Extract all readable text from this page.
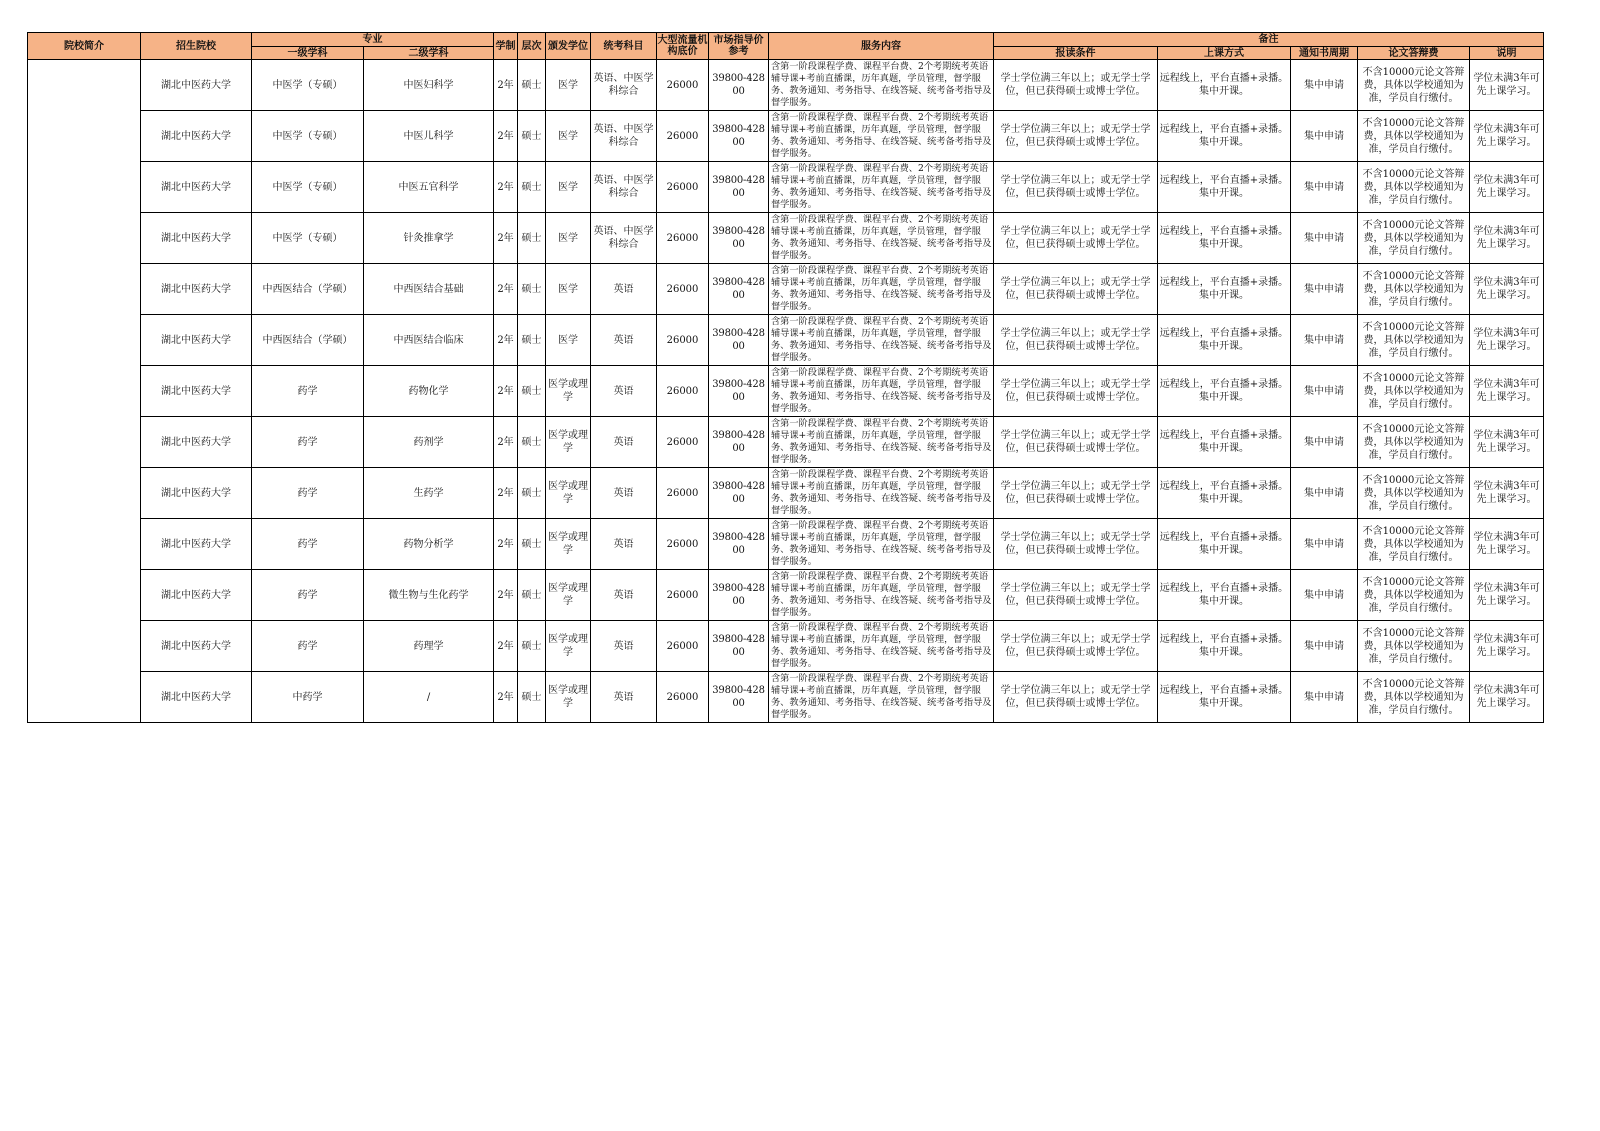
院校简介	招生院校	专业		学制	层次	颁发学位	统考科目	大型流量机构底价	市场指导价参考	服务内容	备注				
		一级学科	二级学科								报读条件	上课方式	通知书周期	论文答辩费	说明
	湖北中医药大学	中医学（专硕）	中医妇科学	2年	硕士	医学	英语、中医学科综合	26000	39800-42800	含第一阶段课程学费、课程平台费、2个考期统考英语辅导课+考前直播课，历年真题，学员管理，督学服务、教务通知、考务指导、在线答疑、统考备考指导及督学服务。	学士学位满三年以上；或无学士学位，但已获得硕士或博士学位。	远程线上，平台直播+录播。集中开课。	集中申请	不含10000元论文答辩费，具体以学校通知为准，学员自行缴付。	学位未满3年可先上课学习。
	湖北中医药大学	中医学（专硕）	中医儿科学	2年	硕士	医学	英语、中医学科综合	26000	39800-42800	含第一阶段课程学费、课程平台费、2个考期统考英语辅导课+考前直播课，历年真题，学员管理，督学服务、教务通知、考务指导、在线答疑、统考备考指导及督学服务。	学士学位满三年以上；或无学士学位，但已获得硕士或博士学位。	远程线上，平台直播+录播。集中开课。	集中申请	不含10000元论文答辩费，具体以学校通知为准，学员自行缴付。	学位未满3年可先上课学习。
	湖北中医药大学	中医学（专硕）	中医五官科学	2年	硕士	医学	英语、中医学科综合	26000	39800-42800	含第一阶段课程学费、课程平台费、2个考期统考英语辅导课+考前直播课，历年真题，学员管理，督学服务、教务通知、考务指导、在线答疑、统考备考指导及督学服务。	学士学位满三年以上；或无学士学位，但已获得硕士或博士学位。	远程线上，平台直播+录播。集中开课。	集中申请	不含10000元论文答辩费，具体以学校通知为准，学员自行缴付。	学位未满3年可先上课学习。
	湖北中医药大学	中医学（专硕）	针灸推拿学	2年	硕士	医学	英语、中医学科综合	26000	39800-42800	含第一阶段课程学费、课程平台费、2个考期统考英语辅导课+考前直播课，历年真题，学员管理，督学服务、教务通知、考务指导、在线答疑、统考备考指导及督学服务。	学士学位满三年以上；或无学士学位，但已获得硕士或博士学位。	远程线上，平台直播+录播。集中开课。	集中申请	不含10000元论文答辩费，具体以学校通知为准，学员自行缴付。	学位未满3年可先上课学习。
	湖北中医药大学	中西医结合（学硕）	中西医结合基础	2年	硕士	医学	英语	26000	39800-42800	含第一阶段课程学费、课程平台费、2个考期统考英语辅导课+考前直播课，历年真题，学员管理，督学服务、教务通知、考务指导、在线答疑、统考备考指导及督学服务。	学士学位满三年以上；或无学士学位，但已获得硕士或博士学位。	远程线上，平台直播+录播。集中开课。	集中申请	不含10000元论文答辩费，具体以学校通知为准，学员自行缴付。	学位未满3年可先上课学习。
	湖北中医药大学	中西医结合（学硕）	中西医结合临床	2年	硕士	医学	英语	26000	39800-42800	含第一阶段课程学费、课程平台费、2个考期统考英语辅导课+考前直播课，历年真题，学员管理，督学服务、教务通知、考务指导、在线答疑、统考备考指导及督学服务。	学士学位满三年以上；或无学士学位，但已获得硕士或博士学位。	远程线上，平台直播+录播。集中开课。	集中申请	不含10000元论文答辩费，具体以学校通知为准，学员自行缴付。	学位未满3年可先上课学习。
	湖北中医药大学	药学	药物化学	2年	硕士	医学或理学	英语	26000	39800-42800	含第一阶段课程学费、课程平台费、2个考期统考英语辅导课+考前直播课，历年真题，学员管理，督学服务、教务通知、考务指导、在线答疑、统考备考指导及督学服务。	学士学位满三年以上；或无学士学位，但已获得硕士或博士学位。	远程线上，平台直播+录播。集中开课。	集中申请	不含10000元论文答辩费，具体以学校通知为准，学员自行缴付。	学位未满3年可先上课学习。
	湖北中医药大学	药学	药剂学	2年	硕士	医学或理学	英语	26000	39800-42800	含第一阶段课程学费、课程平台费、2个考期统考英语辅导课+考前直播课，历年真题，学员管理，督学服务、教务通知、考务指导、在线答疑、统考备考指导及督学服务。	学士学位满三年以上；或无学士学位，但已获得硕士或博士学位。	远程线上，平台直播+录播。集中开课。	集中申请	不含10000元论文答辩费，具体以学校通知为准，学员自行缴付。	学位未满3年可先上课学习。
	湖北中医药大学	药学	生药学	2年	硕士	医学或理学	英语	26000	39800-42800	含第一阶段课程学费、课程平台费、2个考期统考英语辅导课+考前直播课，历年真题，学员管理，督学服务、教务通知、考务指导、在线答疑、统考备考指导及督学服务。	学士学位满三年以上；或无学士学位，但已获得硕士或博士学位。	远程线上，平台直播+录播。集中开课。	集中申请	不含10000元论文答辩费，具体以学校通知为准，学员自行缴付。	学位未满3年可先上课学习。
	湖北中医药大学	药学	药物分析学	2年	硕士	医学或理学	英语	26000	39800-42800	含第一阶段课程学费、课程平台费、2个考期统考英语辅导课+考前直播课，历年真题，学员管理，督学服务、教务通知、考务指导、在线答疑、统考备考指导及督学服务。	学士学位满三年以上；或无学士学位，但已获得硕士或博士学位。	远程线上，平台直播+录播。集中开课。	集中申请	不含10000元论文答辩费，具体以学校通知为准，学员自行缴付。	学位未满3年可先上课学习。
	湖北中医药大学	药学	微生物与生化药学	2年	硕士	医学或理学	英语	26000	39800-42800	含第一阶段课程学费、课程平台费、2个考期统考英语辅导课+考前直播课，历年真题，学员管理，督学服务、教务通知、考务指导、在线答疑、统考备考指导及督学服务。	学士学位满三年以上；或无学士学位，但已获得硕士或博士学位。	远程线上，平台直播+录播。集中开课。	集中申请	不含10000元论文答辩费，具体以学校通知为准，学员自行缴付。	学位未满3年可先上课学习。
	湖北中医药大学	药学	药理学	2年	硕士	医学或理学	英语	26000	39800-42800	含第一阶段课程学费、课程平台费、2个考期统考英语辅导课+考前直播课，历年真题，学员管理，督学服务、教务通知、考务指导、在线答疑、统考备考指导及督学服务。	学士学位满三年以上；或无学士学位，但已获得硕士或博士学位。	远程线上，平台直播+录播。集中开课。	集中申请	不含10000元论文答辩费，具体以学校通知为准，学员自行缴付。	学位未满3年可先上课学习。
	湖北中医药大学	中药学	/	2年	硕士	医学或理学	英语	26000	39800-42800	含第一阶段课程学费、课程平台费、2个考期统考英语辅导课+考前直播课，历年真题，学员管理，督学服务、教务通知、考务指导、在线答疑、统考备考指导及督学服务。	学士学位满三年以上；或无学士学位，但已获得硕士或博士学位。	远程线上，平台直播+录播。集中开课。	集中申请	不含10000元论文答辩费，具体以学校通知为准，学员自行缴付。	学位未满3年可先上课学习。
